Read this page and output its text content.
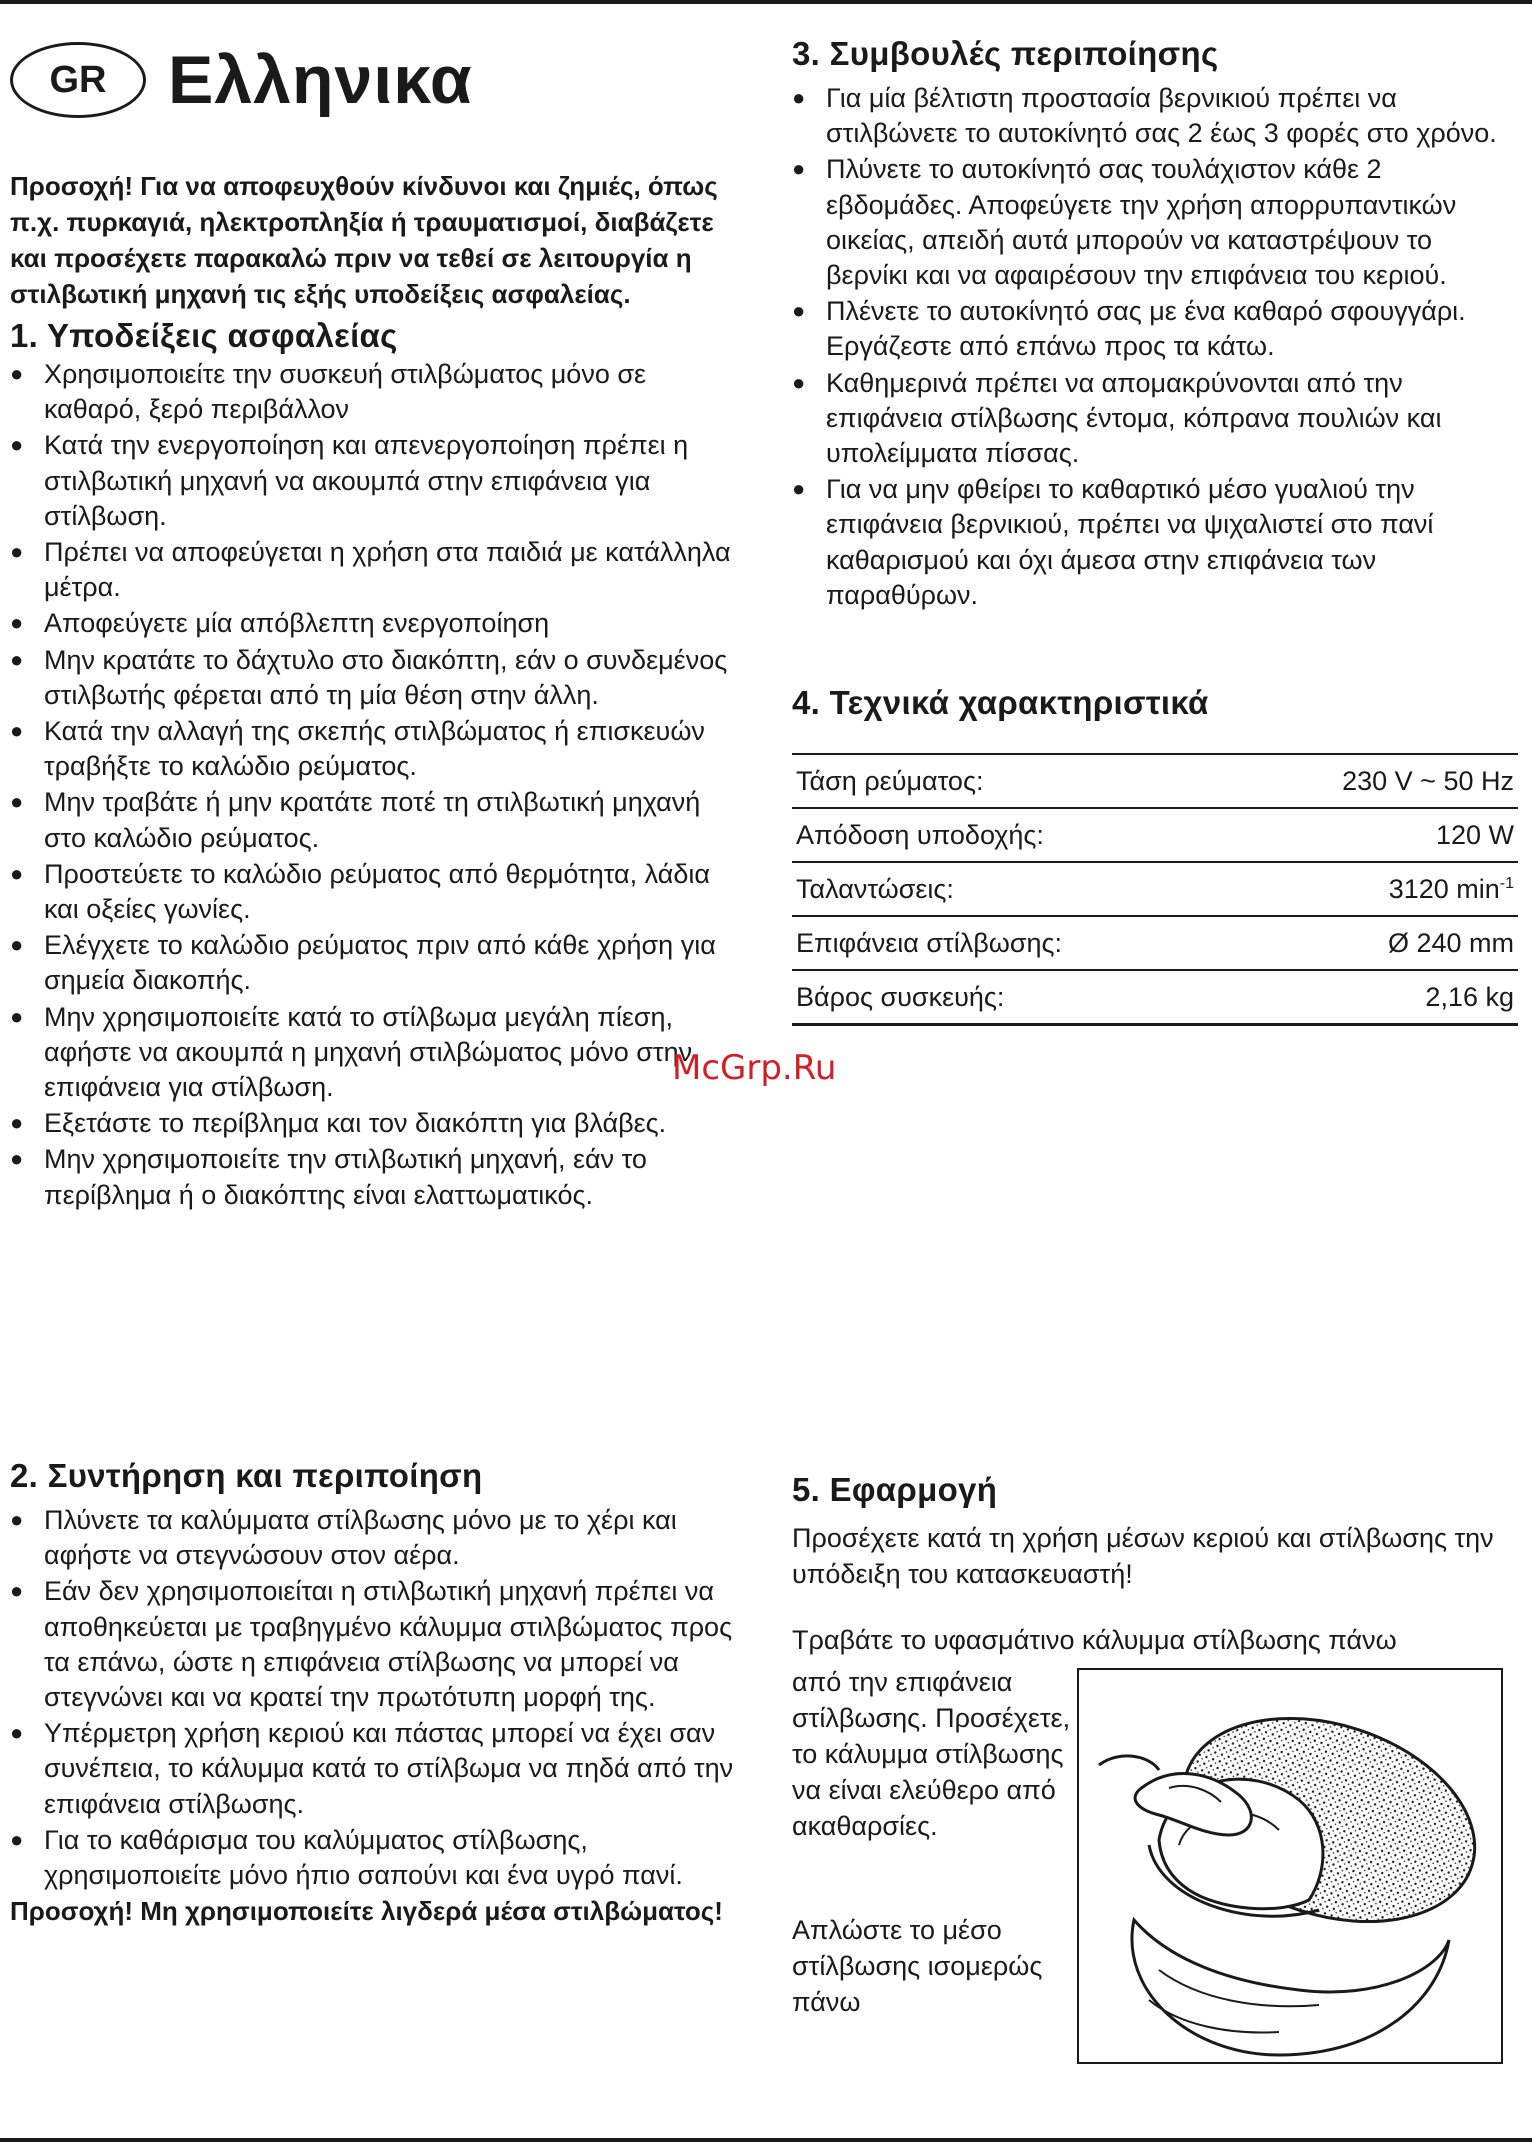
GR Ελληνικα

Προσοχή! Για να αποφευχθούν κίνδυνοι και ζημιές, όπως π.χ. πυρκαγιά, ηλεκτροπληξία ή τραυματισμοί, διαβάζετε και προσέχετε παρακαλώ πριν να τεθεί σε λειτουργία η στιλβωτική μηχανή τις εξής υποδείξεις ασφαλείας.

1. Υποδείξεις ασφαλείας

● Χρησιμοποιείτε την συσκευή στιλβώματος μόνο σε καθαρό, ξερό περιβάλλον

● Κατά την ενεργοποίηση και απενεργοποίηση πρέπει η στιλβωτική μηχανή να ακουμπά στην επιφάνεια για στίλβωση.

● Πρέπει να αποφεύγεται η χρήση στα παιδιά με κατάλληλα μέτρα.

● Αποφεύγετε μία απόβλεπτη ενεργοποίηση

● Μην κρατάτε το δάχτυλο στο διακόπτη, εάν ο συνδεμένος στιλβωτής φέρεται από τη μία θέση στην άλλη.

● Κατά την αλλαγή της σκεπής στιλβώματος ή επισκευών τραβήξτε το καλώδιο ρεύματος.

● Μην τραβάτε ή μην κρατάτε ποτέ τη στιλβωτική μηχανή στο καλώδιο ρεύματος.

● Προστεύετε το καλώδιο ρεύματος από θερμότητα, λάδια και οξείες γωνίες.

● Ελέγχετε το καλώδιο ρεύματος πριν από κάθε χρήση για σημεία διακοπής.

● Μην χρησιμοποιείτε κατά το στίλβωμα μεγάλη πίεση, αφήστε να ακουμπά η μηχανή στιλβώματος μόνο στην επιφάνεια για στίλβωση.

● Εξετάστε το περίβλημα και τον διακόπτη για βλάβες.

● Μην χρησιμοποιείτε την στιλβωτική μηχανή, εάν το περίβλημα ή ο διακόπτης είναι ελαττωματικός.

2. Συντήρηση και περιποίηση

● Πλύνετε τα καλύμματα στίλβωσης μόνο με το χέρι και αφήστε να στεγνώσουν στον αέρα.

● Εάν δεν χρησιμοποιείται η στιλβωτική μηχανή πρέπει να αποθηκεύεται με τραβηγμένο κάλυμμα στιλβώματος προς τα επάνω, ώστε η επιφάνεια στίλβωσης να μπορεί να στεγνώνει και να κρατεί την πρωτότυπη μορφή της.

● Υπέρμετρη χρήση κεριού και πάστας μπορεί να έχει σαν συνέπεια, το κάλυμμα κατά το στίλβωμα να πηδά από την επιφάνεια στίλβωσης.

● Για το καθάρισμα του καλύμματος στίλβωσης, χρησιμοποιείτε μόνο ήπιο σαπούνι και ένα υγρό πανί.

Προσοχή! Μη χρησιμοποιείτε λιγδερά μέσα στιλβώματος!

3. Συμβουλές περιποίησης

● Για μία βέλτιστη προστασία βερνικιού πρέπει να στιλβώνετε το αυτοκίνητό σας 2 έως 3 φορές στο χρόνο.

● Πλύνετε το αυτοκίνητό σας τουλάχιστον κάθε 2 εβδομάδες. Αποφεύγετε την χρήση απορρυπαντικών οικείας, απειδή αυτά μπορούν να καταστρέψουν το βερνίκι και να αφαιρέσουν την επιφάνεια του κεριού.

● Πλένετε το αυτοκίνητό σας με ένα καθαρό σφουγγάρι. Εργάζεστε από επάνω προς τα κάτω.

● Καθημερινά πρέπει να απομακρύνονται από την επιφάνεια στίλβωσης έντομα, κόπρανα πουλιών και υπολείμματα πίσσας.

● Για να μην φθείρει το καθαρτικό μέσο γυαλιού την επιφάνεια βερνικιού, πρέπει να ψιχαλιστεί στο πανί καθαρισμού και όχι άμεσα στην επιφάνεια των παραθύρων.

4. Τεχνικά χαρακτηριστικά
Τάση ρεύματος:	230 V ~ 50 Hz
Απόδοση υποδοχής:	120 W
Ταλαντώσεις:	3120 $\min^{-1}$
Επιφάνεια στίλβωσης:	Ø 240 mm
Βάρος συσκευής:	2,16 kg
5. Εφαρμογή

Προσέχετε κατά τη χρήση μέσων κεριού και στίλβωσης την υπόδειξη του κατασκευαστή!

Τραβάτε το υφασμάτινο κάλυμμα στίλβωσης πάνω

από την επιφάνεια στίλβωσης. Προσέχετε, το κάλυμμα στίλβωσης να είναι ελεύθερο από ακαθαρσίες.

Απλώστε το μέσο στίλβωσης ισομερώς πάνω

McGrp.Ru
